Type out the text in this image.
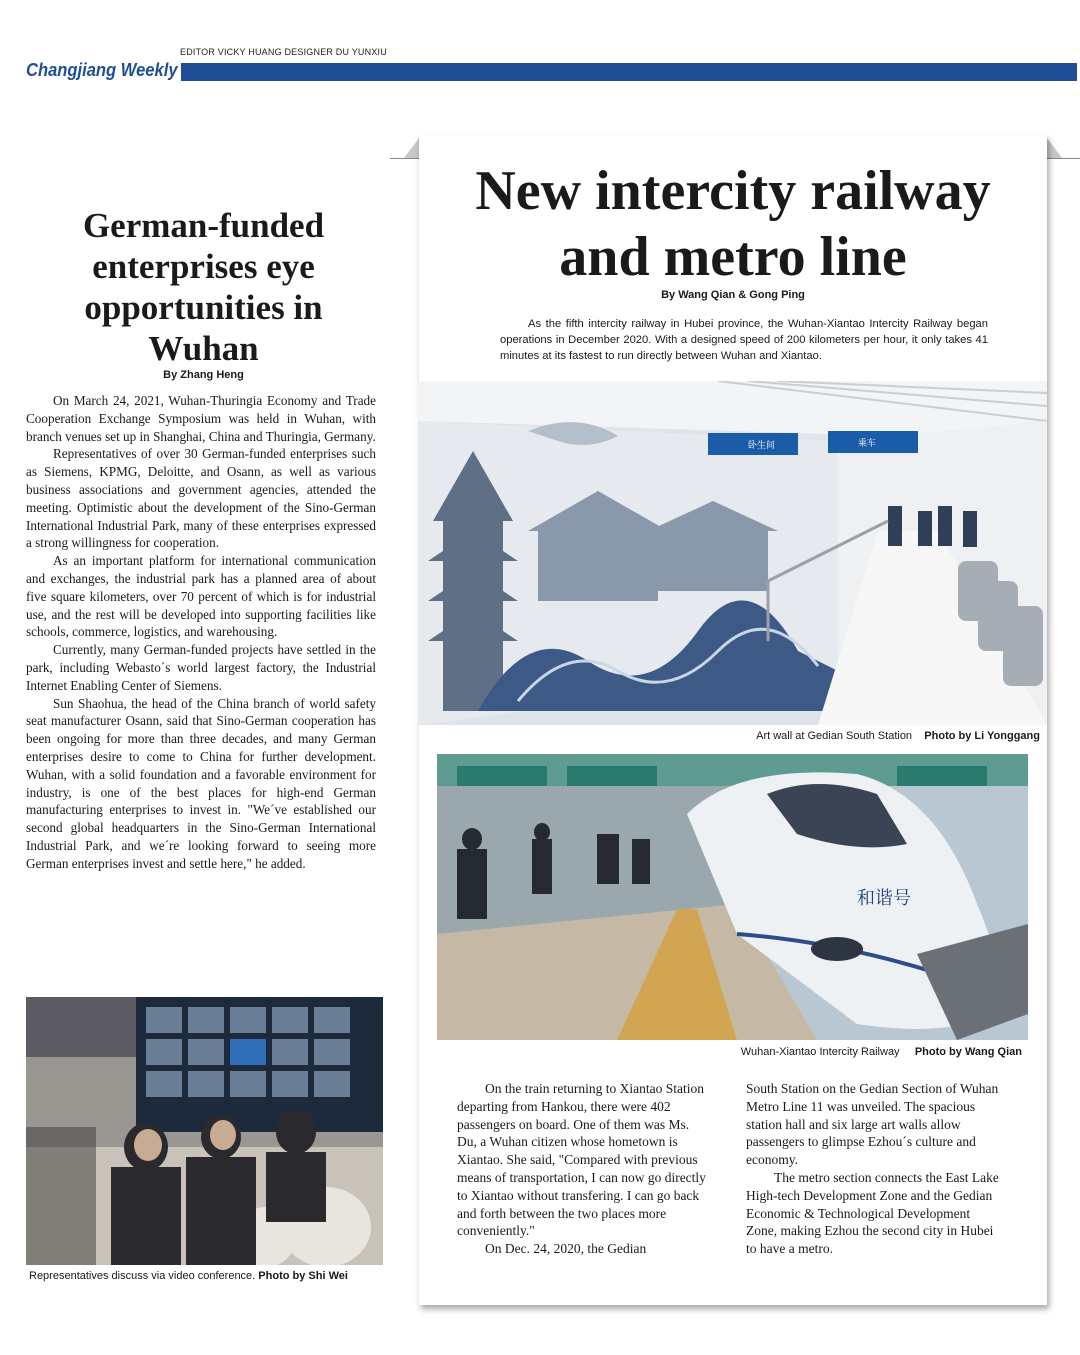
EDITOR VICKY HUANG DESIGNER DU YUNXIU
Changjiang Weekly
German-funded enterprises eye opportunities in Wuhan
By Zhang Heng

On March 24, 2021, Wuhan-Thuringia Economy and Trade Cooperation Exchange Symposium was held in Wuhan, with branch venues set up in Shanghai, China and Thuringia, Germany.

Representatives of over 30 German-funded enterprises such as Siemens, KPMG, Deloitte, and Osann, as well as various business associations and government agencies, attended the meeting. Optimistic about the development of the Sino-German International Industrial Park, many of these enterprises expressed a strong willingness for cooperation.

As an important platform for international communication and exchanges, the industrial park has a planned area of about five square kilometers, over 70 percent of which is for industrial use, and the rest will be developed into supporting facilities like schools, commerce, logistics, and warehousing.

Currently, many German-funded projects have settled in the park, including Webasto´s world largest factory, the Industrial Internet Enabling Center of Siemens.

Sun Shaohua, the head of the China branch of world safety seat manufacturer Osann, said that Sino-German cooperation has been ongoing for more than three decades, and many German enterprises desire to come to China for further development. Wuhan, with a solid foundation and a favorable environment for industry, is one of the best places for high-end German manufacturing enterprises to invest in. "We´ve established our second global headquarters in the Sino-German International Industrial Park, and we´re looking forward to seeing more German enterprises invest and settle here," he added.

Representatives discuss via video conference. Photo by Shi Wei
New intercity railway
and metro line
By Wang Qian & Gong Ping

As the fifth intercity railway in Hubei province, the Wuhan-Xiantao Intercity Railway began operations in December 2020. With a designed speed of 200 kilometers per hour, it only takes 41 minutes at its fastest to run directly between Wuhan and Xiantao.

卧生间	乘车
Art wall at Gedian South Station Photo by Li Yonggang
和谐号
Wuhan-Xiantao Intercity Railway Photo by Wang Qian

On the train returning to Xiantao Station departing from Hankou, there were 402 passengers on board. One of them was Ms. Du, a Wuhan citizen whose hometown is Xiantao. She said, "Compared with previous means of transportation, I can now go directly to Xiantao without transfering. I can go back and forth between the two places more conveniently."

On Dec. 24, 2020, the Gedian

South Station on the Gedian Section of Wuhan Metro Line 11 was unveiled. The spacious station hall and six large art walls allow passengers to glimpse Ezhou´s culture and economy.

The metro section connects the East Lake High-tech Development Zone and the Gedian Economic & Technological Development Zone, making Ezhou the second city in Hubei to have a metro.
